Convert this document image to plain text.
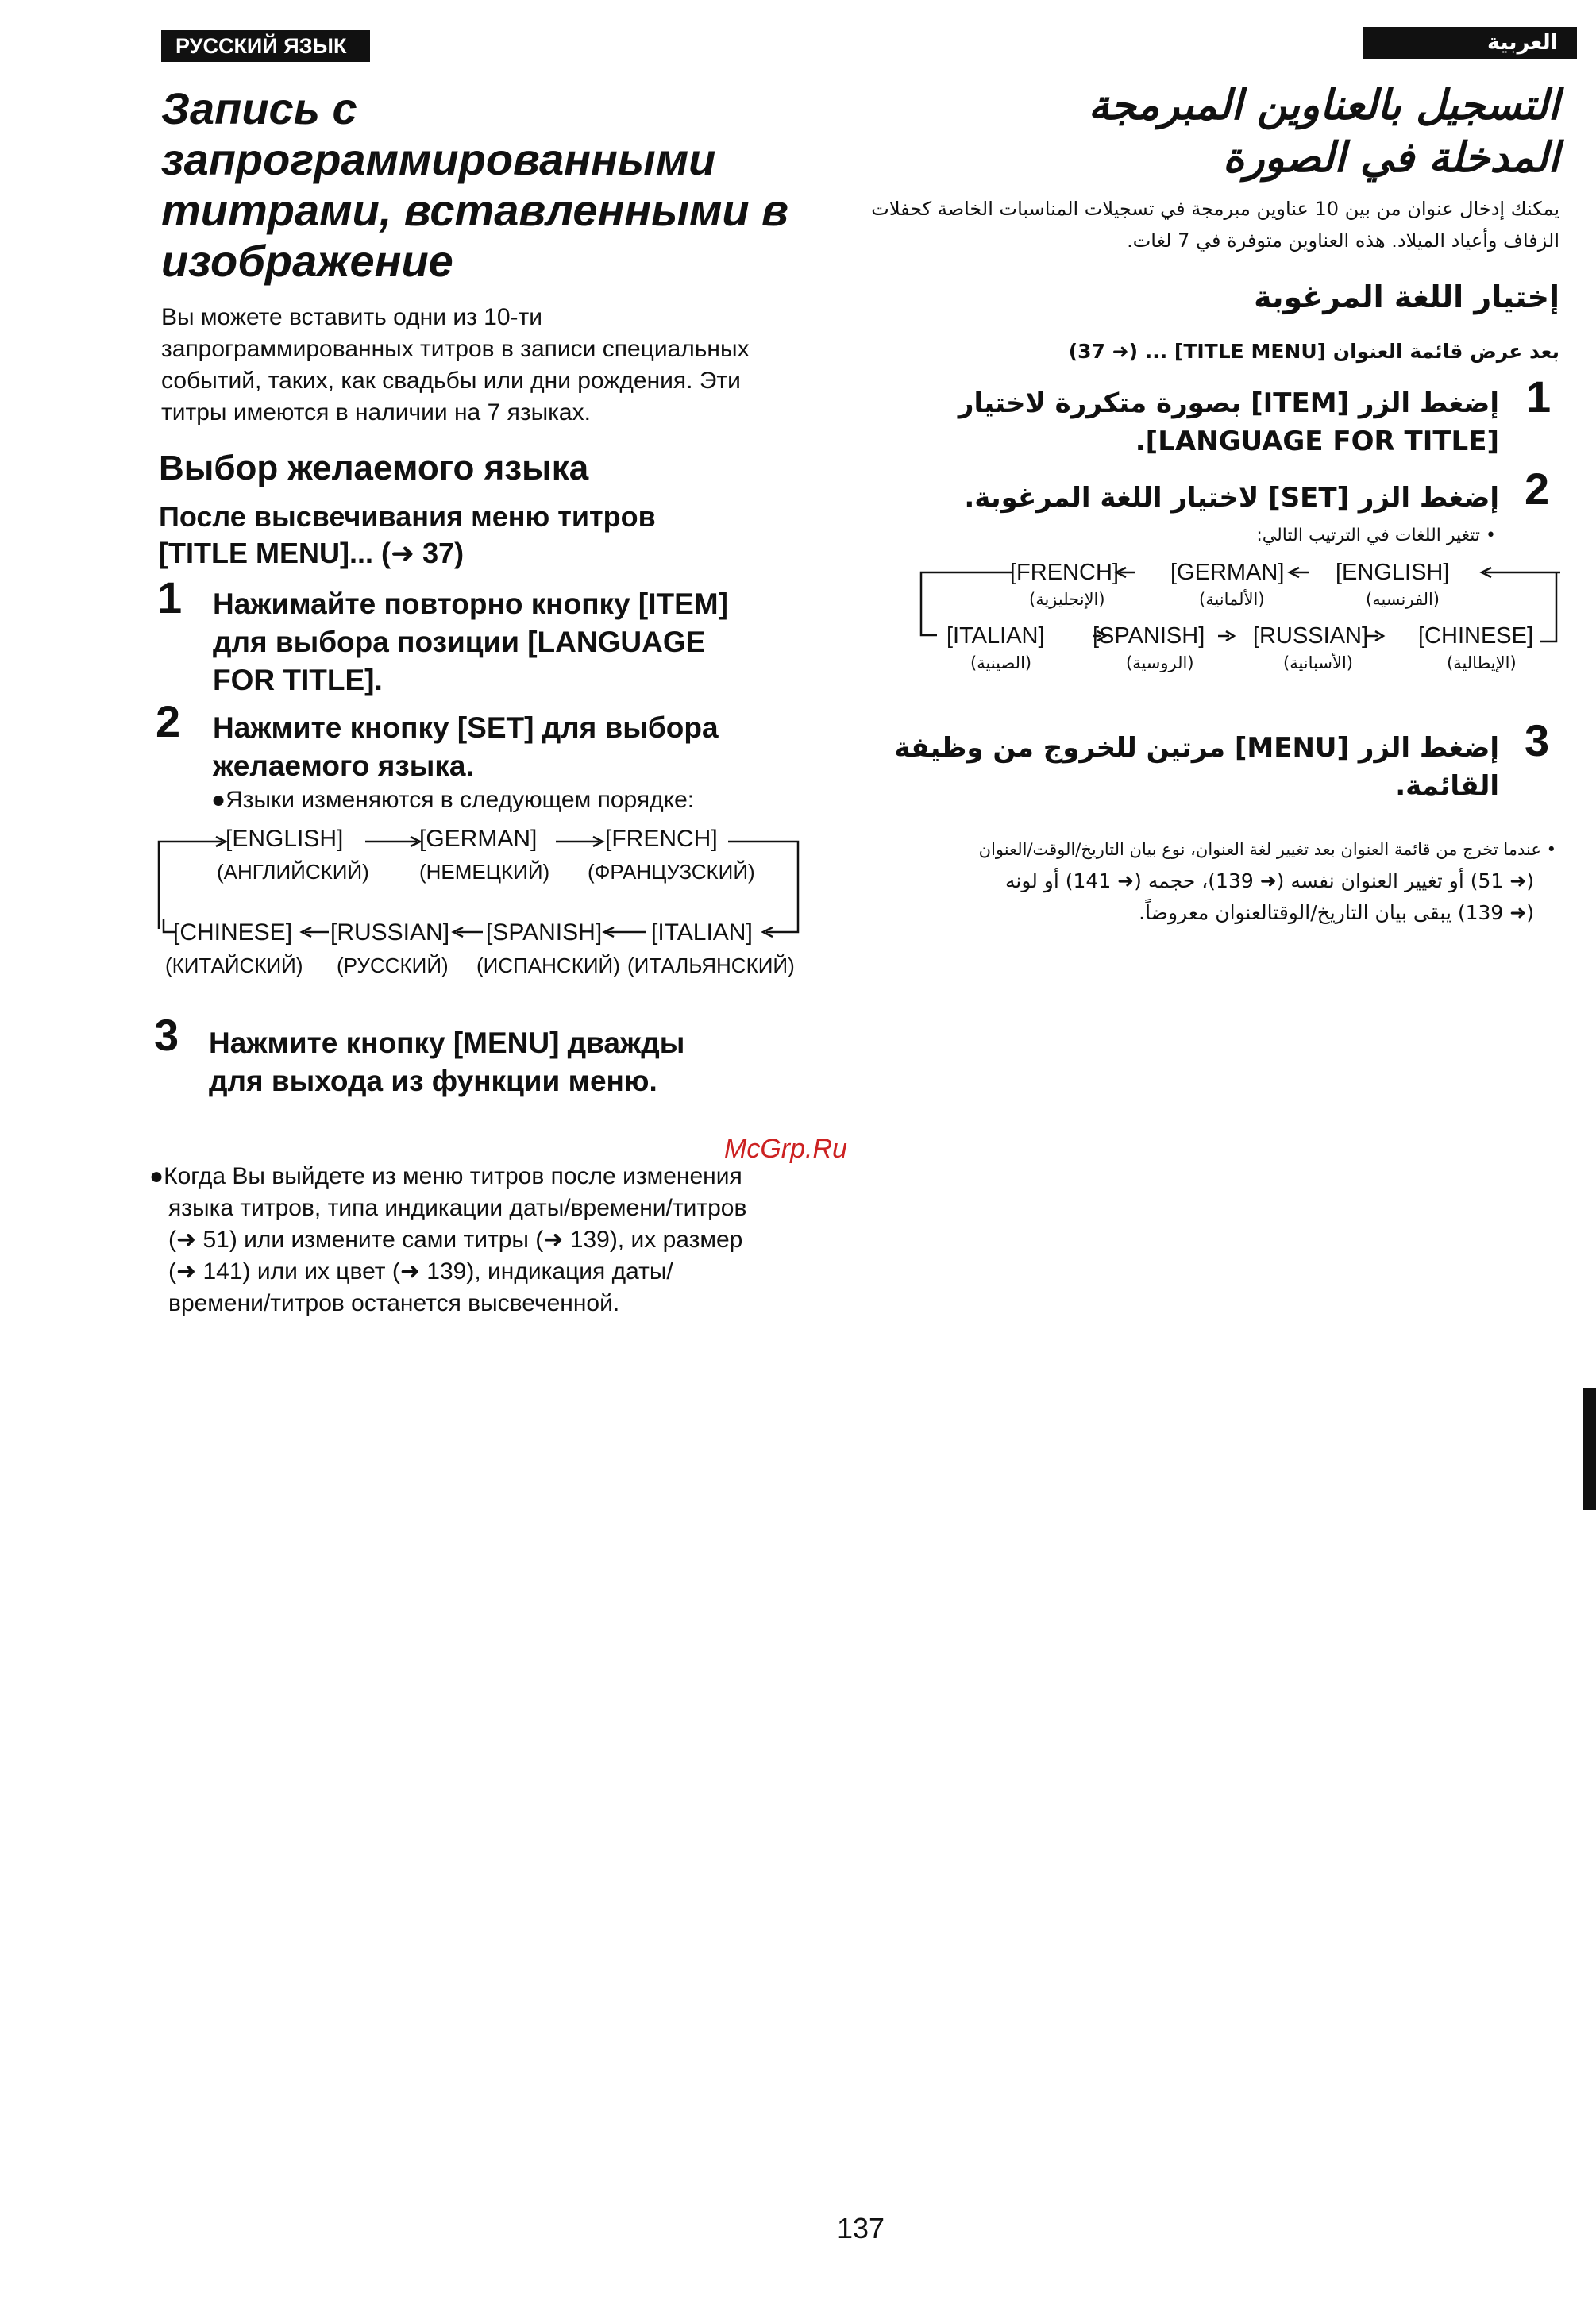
РУССКИЙ ЯЗЫК
Запись с
запрограммированными
титрами, вставленными в
изображение
Вы можете вставить одни из 10-ти
запрограммированных титров в записи специальных
событий, таких, как свадьбы или дни рождения. Эти
титры имеются в наличии на 7 языках.
Выбор желаемого языка
После высвечивания меню титров
[TITLE MENU]... (➜ 37)
1 Нажимайте повторно кнопку [ITEM]
для выбора позиции [LANGUAGE
FOR TITLE].
2 Нажмите кнопку [SET] для выбора
желаемого языка.
●Языки изменяются в следующем порядке:
[ENGLISH]	[GERMAN]	[FRENCH]
(АНГЛИЙСКИЙ) (НЕМЕЦКИЙ) (ФРАНЦУЗСКИЙ)
[CHINESE] [RUSSIAN] [SPANISH] [ITALIAN]
(КИТАЙСКИЙ) (РУССКИЙ) (ИСПАНСКИЙ) (ИТАЛЬЯНСКИЙ)
3 Нажмите кнопку [MENU] дважды
для выхода из функции меню.
●Когда Вы выйдете из меню титров после изменения
языка титров, типа индикации даты/времени/титров
(➜ 51) или измените сами титры (➜ 139), их размер
(➜ 141) или их цвет (➜ 139), индикация даты/
времени/титров останется высвеченной.
McGrp.Ru
العربية
التسجيل بالعناوين المبرمجة
المدخلة في الصورة
يمكنك إدخال عنوان من بين 10 عناوين مبرمجة في تسجيلات المناسبات الخاصة كحفلات
الزفاف وأعياد الميلاد. هذه العناوين متوفرة في 7 لغات.
إختيار اللغة المرغوبة
بعد عرض قائمة العنوان [TITLE MENU] ... (➜ 37)
1
إضغط الزر [ITEM] بصورة متكررة لاختيار
[LANGUAGE FOR TITLE].
2
إضغط الزر [SET] لاختيار اللغة المرغوبة.
• تتغير اللغات في الترتيب التالي:
[FRENCH] [GERMAN] [ENGLISH]
(الإنجليزية)	(الألمانية)	(الفرنسيه)
[ITALIAN] [SPANISH] [RUSSIAN] [CHINESE]
(الصينية)	(الروسية)	(الأسبانية)	(الإيطالية)
3
إضغط الزر [MENU] مرتين للخروج من وظيفة
القائمة.
• عندما تخرج من قائمة العنوان بعد تغيير لغة العنوان، نوع بيان التاريخ/الوقت/العنوان
(➜ 51) أو تغيير العنوان نفسه (➜ 139)، حجمه (➜ 141) أو لونه
(➜ 139) يبقى بيان التاريخ/الوقتالعنوان معروضاً.
137
